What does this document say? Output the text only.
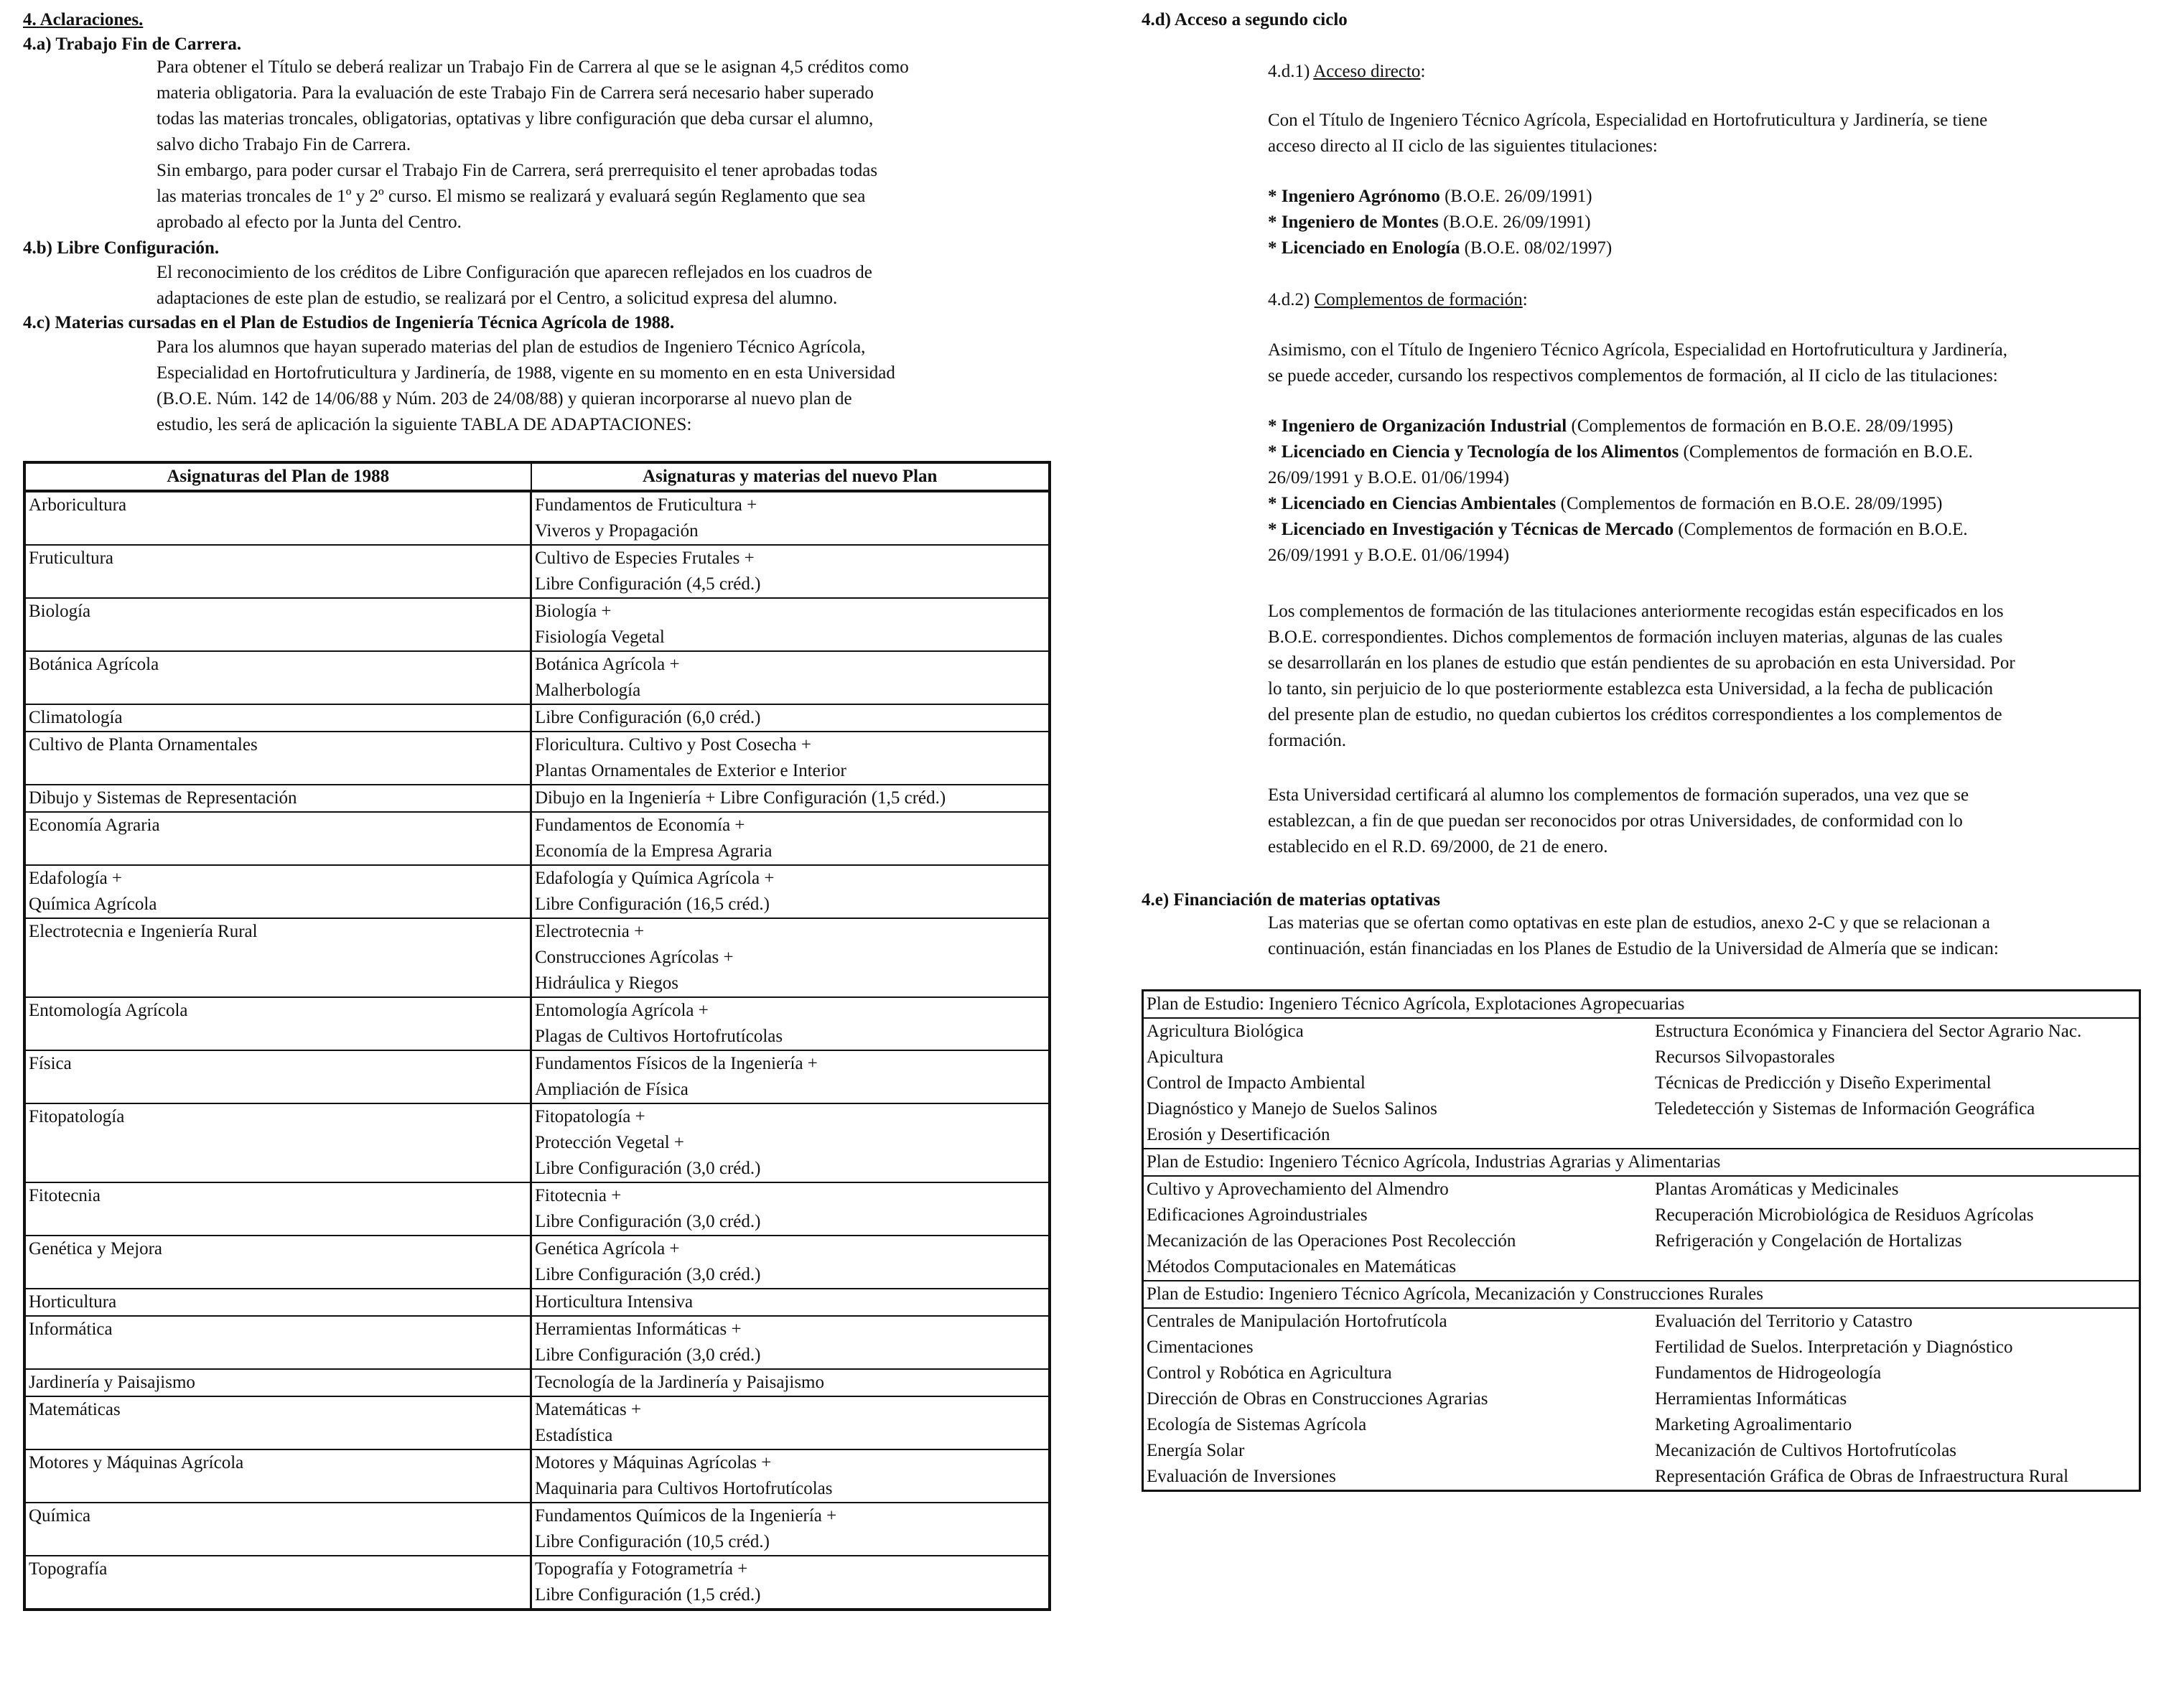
4. Aclaraciones.

4.a) Trabajo Fin de Carrera.

Para obtener el Título se deberá realizar un Trabajo Fin de Carrera al que se le asignan 4,5 créditos como

materia obligatoria. Para la evaluación de este Trabajo Fin de Carrera será necesario haber superado

todas las materias troncales, obligatorias, optativas y libre configuración que deba cursar el alumno,

salvo dicho Trabajo Fin de Carrera.

Sin embargo, para poder cursar el Trabajo Fin de Carrera, será prerrequisito el tener aprobadas todas

las materias troncales de 1º y 2º curso. El mismo se realizará y evaluará según Reglamento que sea

aprobado al efecto por la Junta del Centro.

4.b) Libre Configuración.

El reconocimiento de los créditos de Libre Configuración que aparecen reflejados en los cuadros de

adaptaciones de este plan de estudio, se realizará por el Centro, a solicitud expresa del alumno.

4.c) Materias cursadas en el Plan de Estudios de Ingeniería Técnica Agrícola de 1988.

Para los alumnos que hayan superado materias del plan de estudios de Ingeniero Técnico Agrícola,

Especialidad en Hortofruticultura y Jardinería, de 1988, vigente en su momento en en esta Universidad

(B.O.E. Núm. 142 de 14/06/88 y Núm. 203 de 24/08/88) y quieran incorporarse al nuevo plan de

estudio, les será de aplicación la siguiente TABLA DE ADAPTACIONES:

Asignaturas del Plan de 1988	Asignaturas y materias del nuevo Plan

Arboricultura	Fundamentos de Fruticultura +
Viveros y Propagación

Fruticultura	Cultivo de Especies Frutales +
Libre Configuración (4,5 créd.)

Biología	Biología +
Fisiología Vegetal

Botánica Agrícola	Botánica Agrícola +
Malherbología

Climatología	Libre Configuración (6,0 créd.)

Cultivo de Planta Ornamentales	Floricultura. Cultivo y Post Cosecha +
Plantas Ornamentales de Exterior e Interior

Dibujo y Sistemas de Representación	Dibujo en la Ingeniería + Libre Configuración (1,5 créd.)

Economía Agraria	Fundamentos de Economía +
Economía de la Empresa Agraria

Edafología +
Química Agrícola	Edafología y Química Agrícola +
Libre Configuración (16,5 créd.)

Electrotecnia e Ingeniería Rural	Electrotecnia +
Construcciones Agrícolas +
Hidráulica y Riegos

Entomología Agrícola	Entomología Agrícola +
Plagas de Cultivos Hortofrutícolas

Física	Fundamentos Físicos de la Ingeniería +
Ampliación de Física

Fitopatología	Fitopatología +
Protección Vegetal +
Libre Configuración (3,0 créd.)

Fitotecnia	Fitotecnia +
Libre Configuración (3,0 créd.)

Genética y Mejora	Genética Agrícola +
Libre Configuración (3,0 créd.)

Horticultura	Horticultura Intensiva

Informática	Herramientas Informáticas +
Libre Configuración (3,0 créd.)

Jardinería y Paisajismo	Tecnología de la Jardinería y Paisajismo

Matemáticas	Matemáticas +
Estadística

Motores y Máquinas Agrícola	Motores y Máquinas Agrícolas +
Maquinaria para Cultivos Hortofrutícolas

Química	Fundamentos Químicos de la Ingeniería +
Libre Configuración (10,5 créd.)

Topografía	Topografía y Fotogrametría +
Libre Configuración (1,5 créd.)

4.d) Acceso a segundo ciclo

4.d.1) Acceso directo:

Con el Título de Ingeniero Técnico Agrícola, Especialidad en Hortofruticultura y Jardinería, se tiene

acceso directo al II ciclo de las siguientes titulaciones:

* Ingeniero Agrónomo (B.O.E. 26/09/1991)

* Ingeniero de Montes (B.O.E. 26/09/1991)

* Licenciado en Enología (B.O.E. 08/02/1997)

4.d.2) Complementos de formación:

Asimismo, con el Título de Ingeniero Técnico Agrícola, Especialidad en Hortofruticultura y Jardinería,

se puede acceder, cursando los respectivos complementos de formación, al II ciclo de las titulaciones:

* Ingeniero de Organización Industrial (Complementos de formación en B.O.E. 28/09/1995)

* Licenciado en Ciencia y Tecnología de los Alimentos (Complementos de formación en B.O.E.

26/09/1991 y B.O.E. 01/06/1994)

* Licenciado en Ciencias Ambientales (Complementos de formación en B.O.E. 28/09/1995)

* Licenciado en Investigación y Técnicas de Mercado (Complementos de formación en B.O.E.

26/09/1991 y B.O.E. 01/06/1994)

Los complementos de formación de las titulaciones anteriormente recogidas están especificados en los

B.O.E. correspondientes. Dichos complementos de formación incluyen materias, algunas de las cuales

se desarrollarán en los planes de estudio que están pendientes de su aprobación en esta Universidad. Por

lo tanto, sin perjuicio de lo que posteriormente establezca esta Universidad, a la fecha de publicación

del presente plan de estudio, no quedan cubiertos los créditos correspondientes a los complementos de

formación.

Esta Universidad certificará al alumno los complementos de formación superados, una vez que se

establezcan, a fin de que puedan ser reconocidos por otras Universidades, de conformidad con lo

establecido en el R.D. 69/2000, de 21 de enero.

4.e) Financiación de materias optativas

Las materias que se ofertan como optativas en este plan de estudios, anexo 2-C y que se relacionan a

continuación, están financiadas en los Planes de Estudio de la Universidad de Almería que se indican:

Plan de Estudio: Ingeniero Técnico Agrícola, Explotaciones Agropecuarias	
Agricultura Biológica	Estructura Económica y Financiera del Sector Agrario Nac.
Apicultura	Recursos Silvopastorales
Control de Impacto Ambiental	Técnicas de Predicción y Diseño Experimental
Diagnóstico y Manejo de Suelos Salinos	Teledetección y Sistemas de Información Geográfica
Erosión y Desertificación	
Plan de Estudio: Ingeniero Técnico Agrícola, Industrias Agrarias y Alimentarias	
Cultivo y Aprovechamiento del Almendro	Plantas Aromáticas y Medicinales
Edificaciones Agroindustriales	Recuperación Microbiológica de Residuos Agrícolas
Mecanización de las Operaciones Post Recolección	Refrigeración y Congelación de Hortalizas
Métodos Computacionales en Matemáticas	
Plan de Estudio: Ingeniero Técnico Agrícola, Mecanización y Construcciones Rurales	
Centrales de Manipulación Hortofrutícola	Evaluación del Territorio y Catastro
Cimentaciones	Fertilidad de Suelos. Interpretación y Diagnóstico
Control y Robótica en Agricultura	Fundamentos de Hidrogeología
Dirección de Obras en Construcciones Agrarias	Herramientas Informáticas
Ecología de Sistemas Agrícola	Marketing Agroalimentario
Energía Solar	Mecanización de Cultivos Hortofrutícolas
Evaluación de Inversiones	Representación Gráfica de Obras de Infraestructura Rural
